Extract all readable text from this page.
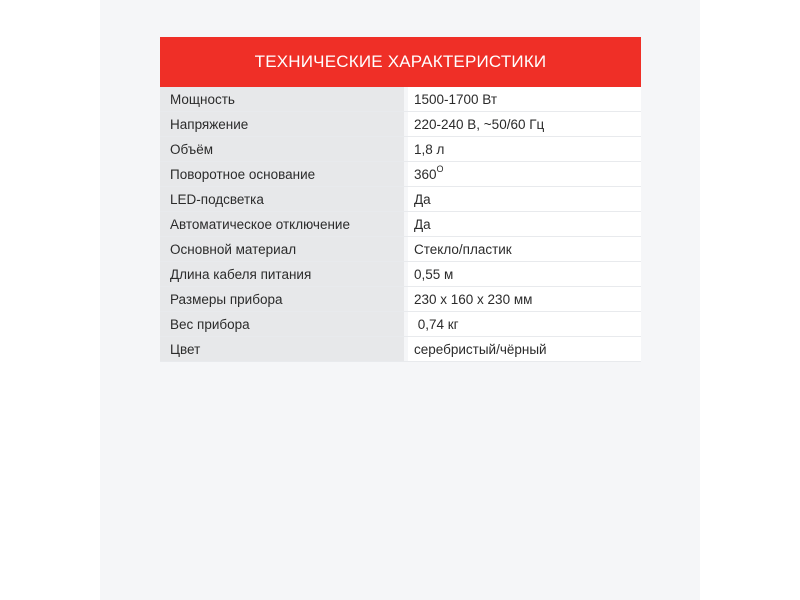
ТЕХНИЧЕСКИЕ ХАРАКТЕРИСТИКИ
Мощность	1500-1700 Вт
Напряжение	220-240 В, ~50/60 Гц
Объём	1,8 л
Поворотное основание	360 O
LED-подсветка	Да
Автоматическое отключение	Да
Основной материал	Стекло/пластик
Длина кабеля питания	0,55 м
Размеры прибора	230 х 160 х 230 мм
Вес прибора	0,74 кг
Цвет	серебристый/чёрный
